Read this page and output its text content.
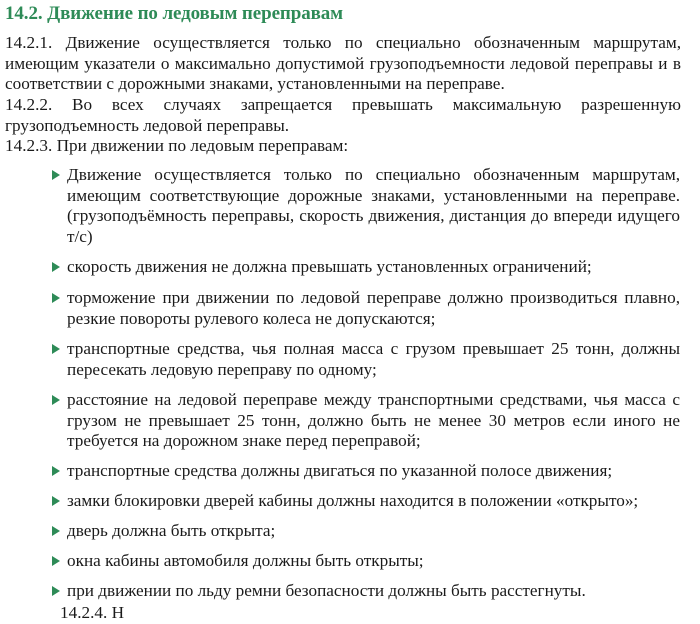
14.2. Движение по ледовым переправам
14.2.1. Движение осуществляется только по специально обозначенным маршрутам, имеющим указатели о максимально допустимой грузоподъемности ледовой переправы и в соответствии с дорожными знаками, установленными на переправе.
14.2.2. Во всех случаях запрещается превышать максимальную разрешенную грузоподъемность ледовой переправы.
14.2.3. При движении по ледовым переправам:
Движение осуществляется только по специально обозначенным маршрутам, имеющим соответствующие дорожные знаками, установленными на переправе. (грузоподъёмность переправы, скорость движения, дистанция до впереди идущего т/с)
скорость движения не должна превышать установленных ограничений;
торможение при движении по ледовой переправе должно производиться плавно, резкие повороты рулевого колеса не допускаются;
транспортные средства, чья полная масса с грузом превышает 25 тонн, должны пересекать ледовую переправу по одному;
расстояние на ледовой переправе между транспортными средствами, чья масса с грузом не превышает 25 тонн, должно быть не менее 30 метров если иного не требуется на дорожном знаке перед переправой;
транспортные средства должны двигаться по указанной полосе движения;
замки блокировки дверей кабины должны находится в положении «открыто»;
дверь должна быть открыта;
окна кабины автомобиля должны быть открыты;
при движении по льду ремни безопасности должны быть расстегнуты.
14.2.4. Н
